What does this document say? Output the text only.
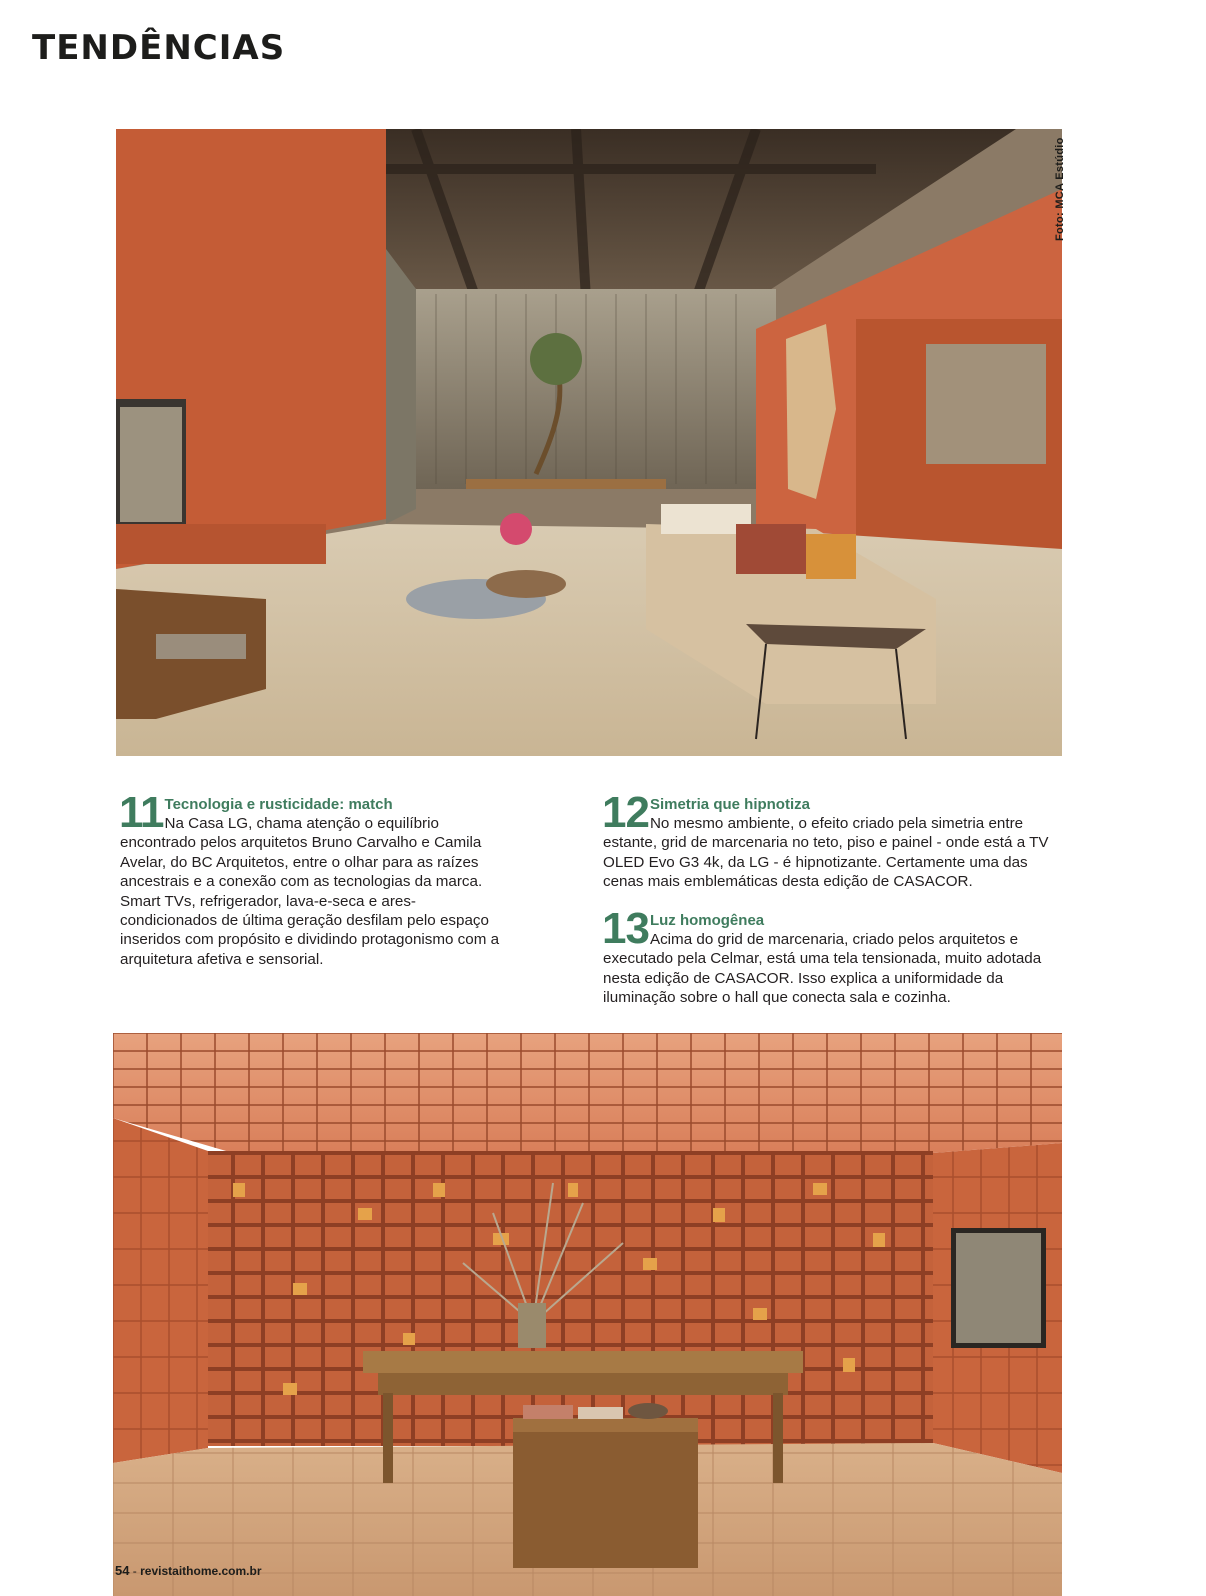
TENDÊNCIAS
Foto: MCA Estúdio
11 Tecnologia e rusticidade: match

Na Casa LG, chama atenção o equilíbrio encontrado pelos arquitetos Bruno Carvalho e Camila Avelar, do BC Arquitetos, entre o olhar para as raízes ancestrais e a conexão com as tecnologias da marca. Smart TVs, refrigerador, lava-e-seca e ares-condicionados de última geração desfilam pelo espaço inseridos com propósito e dividindo protagonismo com a arquitetura afetiva e sensorial.

12 Simetria que hipnotiza

No mesmo ambiente, o efeito criado pela simetria entre estante, grid de marcenaria no teto, piso e painel - onde está a TV OLED Evo G3 4k, da LG - é hipnotizante. Certamente uma das cenas mais emblemáticas desta edição de CASACOR.

13 Luz homogênea

Acima do grid de marcenaria, criado pelos arquitetos e executado pela Celmar, está uma tela tensionada, muito adotada nesta edição de CASACOR. Isso explica a uniformidade da iluminação sobre o hall que conecta sala e cozinha.

54 - revistaithome.com.br
